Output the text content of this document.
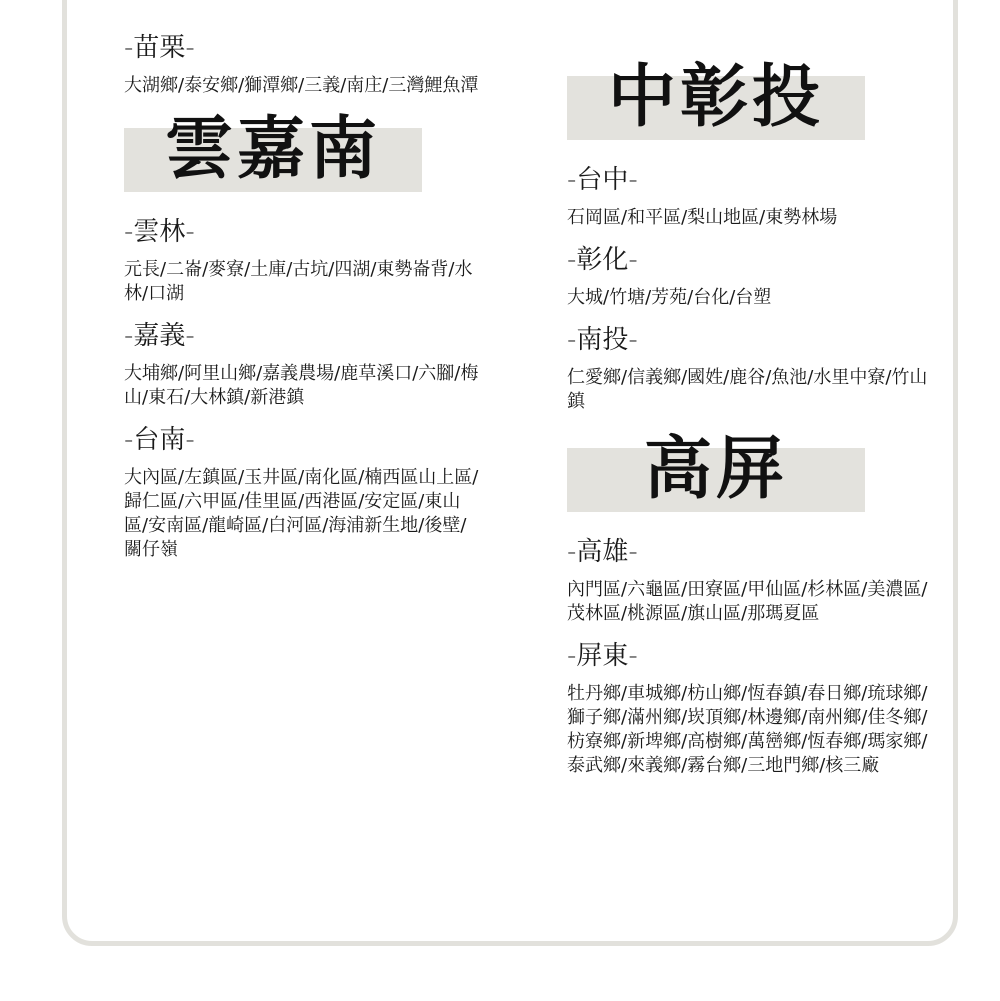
-苗栗-
大湖鄉/泰安鄉/獅潭鄉/三義/南庄/三灣鯉魚潭
雲嘉南
-雲林-
元長/二崙/麥寮/土庫/古坑/四湖/東勢崙背/水林/口湖
-嘉義-
大埔鄉/阿里山鄉/嘉義農場/鹿草溪口/六腳/梅山/東石/大林鎮/新港鎮
-台南-
大內區/左鎮區/玉井區/南化區/楠西區山上區/歸仁區/六甲區/佳里區/西港區/安定區/東山區/安南區/龍崎區/白河區/海浦新生地/後壁/關仔嶺
中彰投
-台中-
石岡區/和平區/梨山地區/東勢林場
-彰化-
大城/竹塘/芳苑/台化/台塑
-南投-
仁愛鄉/信義鄉/國姓/鹿谷/魚池/水里中寮/竹山鎮
高屏
-高雄-
內門區/六龜區/田寮區/甲仙區/杉林區/美濃區/茂林區/桃源區/旗山區/那瑪夏區
-屏東-
牡丹鄉/車城鄉/枋山鄉/恆春鎮/春日鄉/琉球鄉/獅子鄉/滿州鄉/崁頂鄉/林邊鄉/南州鄉/佳冬鄉/枋寮鄉/新埤鄉/高樹鄉/萬巒鄉/恆春鄉/瑪家鄉/泰武鄉/來義鄉/霧台鄉/三地門鄉/核三廠
